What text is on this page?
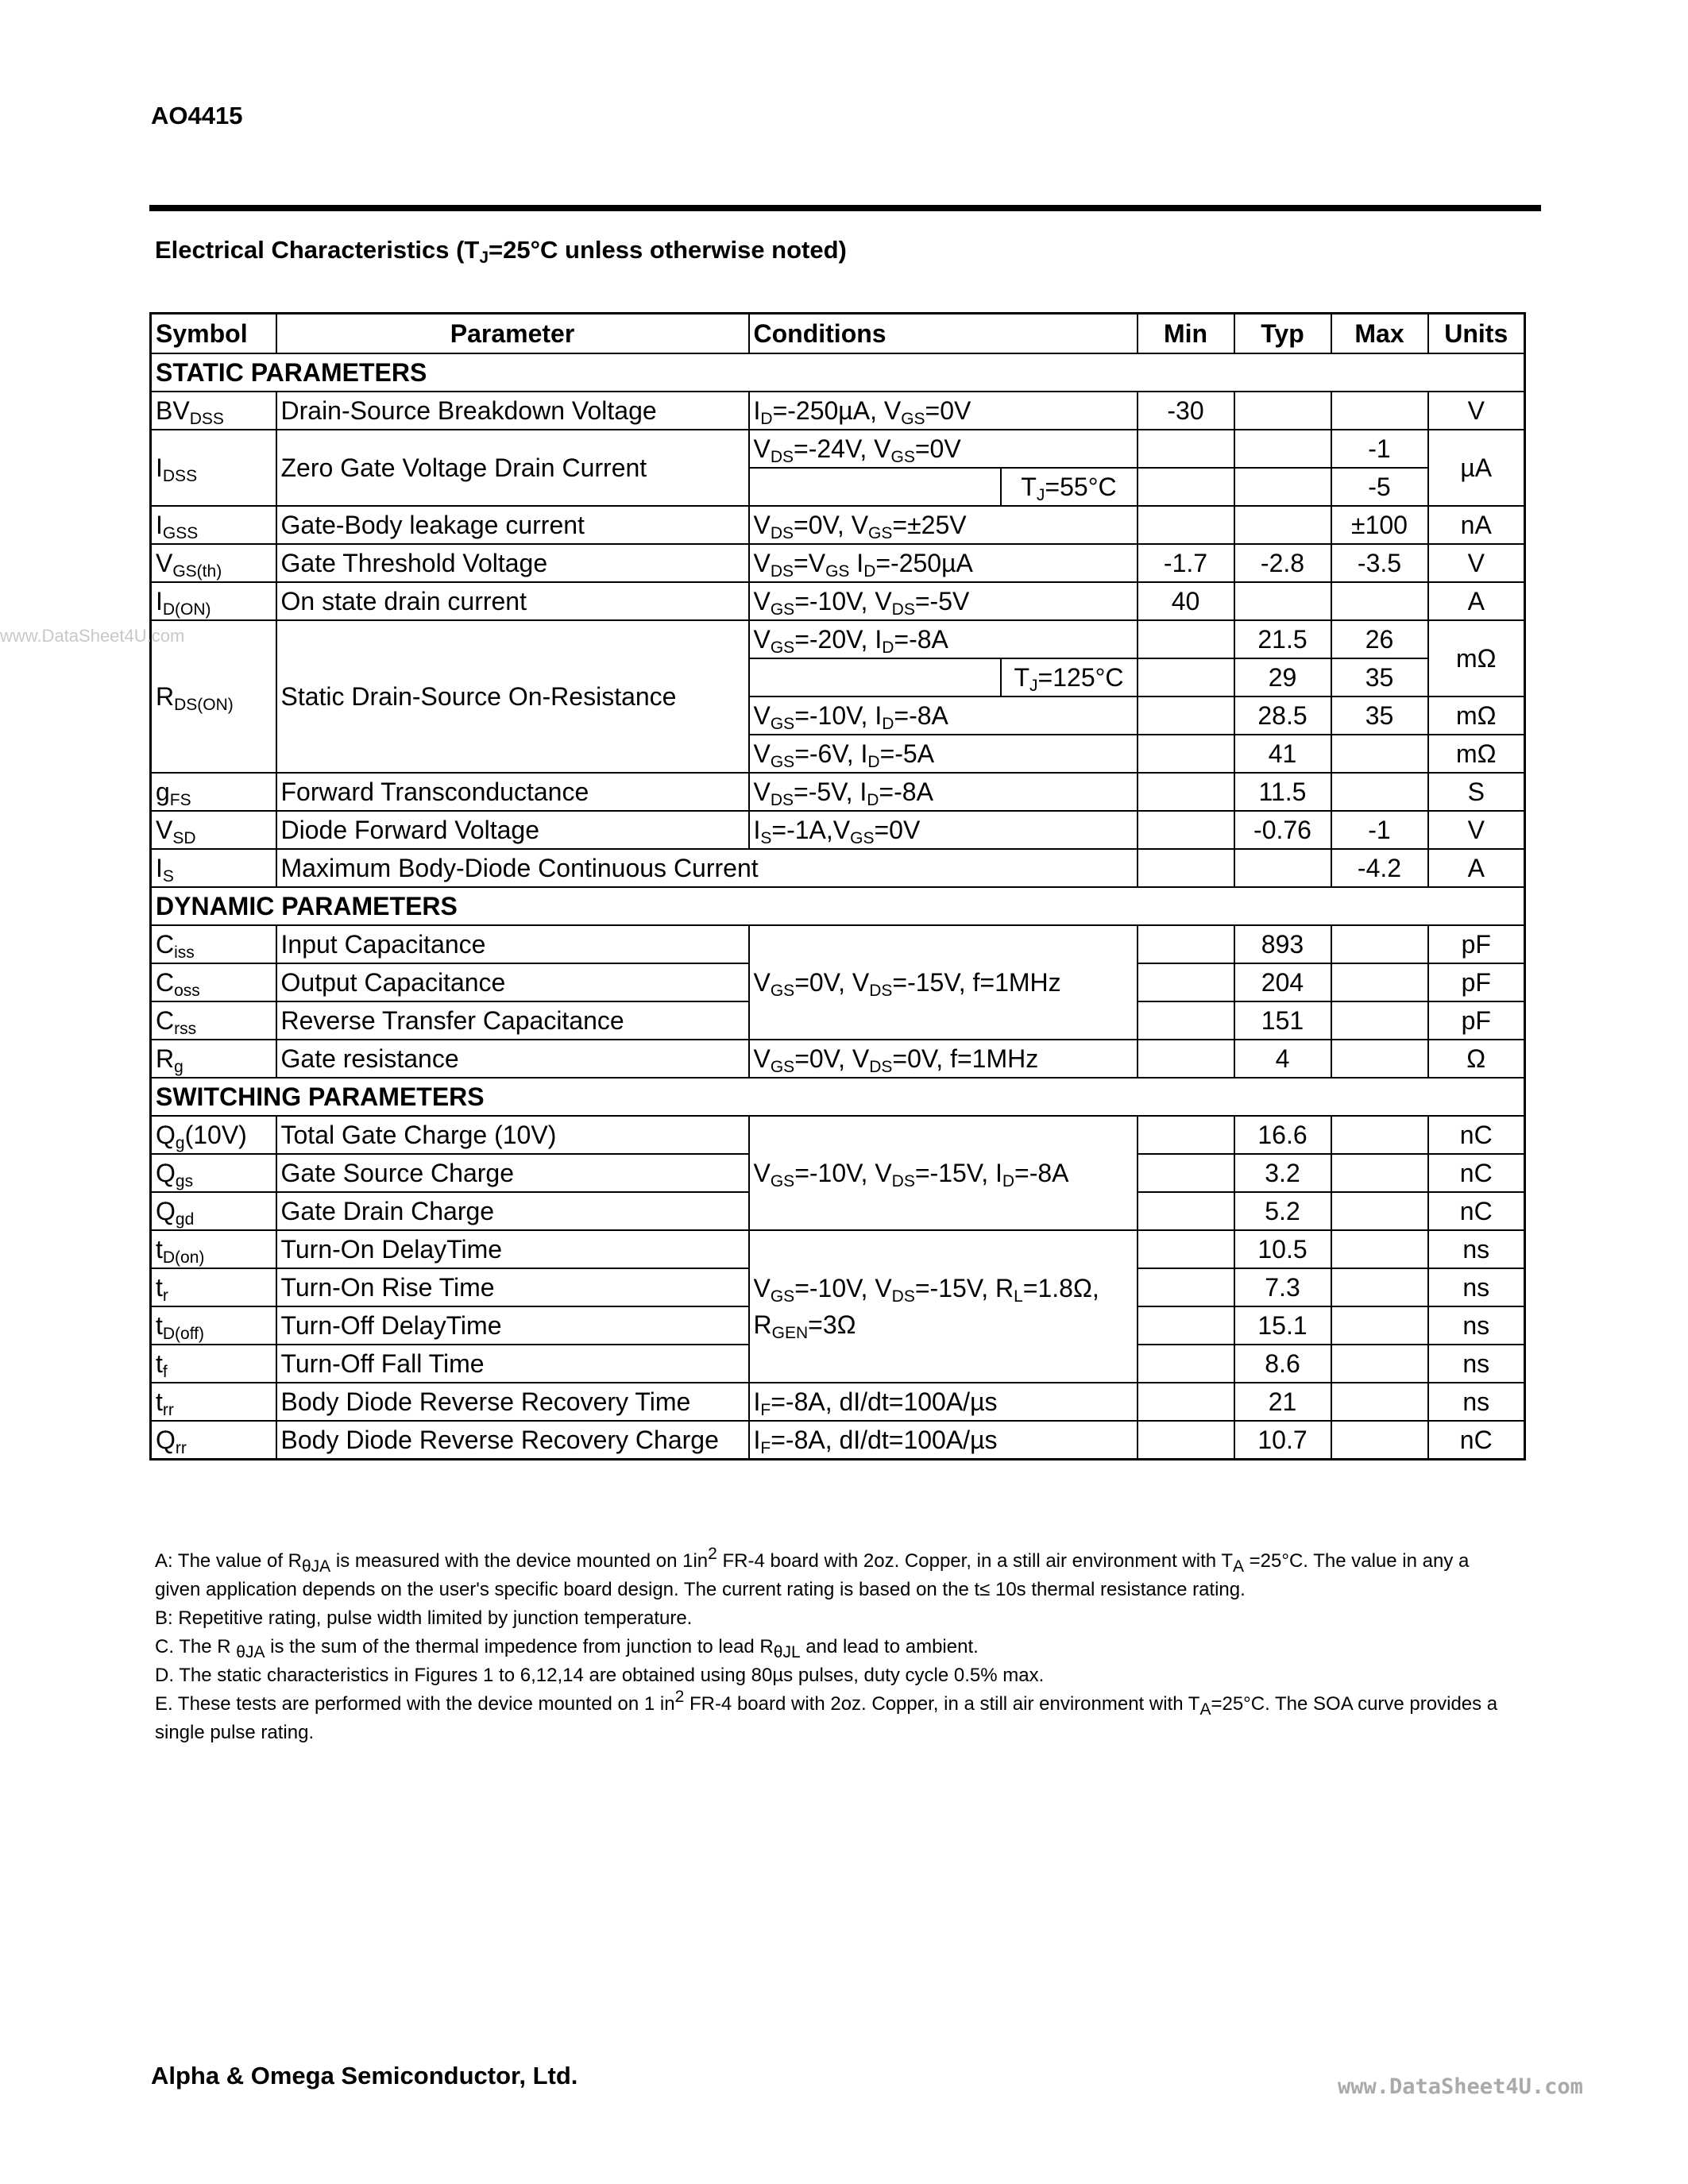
AO4415
Electrical Characteristics ($T_J=25^\circ C$ unless otherwise noted)
Symbol	Parameter	Conditions		Min	Typ	Max	Units
STATIC PARAMETERS							
$BV_{DSS}$	Drain-Source Breakdown Voltage	$I_D=-250\mu A$, $V_{GS}=0V$		-30			V
$I_{DSS}$	Zero Gate Voltage Drain Current	$V_{DS}=-24V$, $V_{GS}=0V$				-1	µA
			$T_J=55^\circ C$			-5	
$I_{GSS}$	Gate-Body leakage current	$V_{DS}=0V$, $V_{GS}=\pm 25V$				±100	nA
$V_{GS(th)}$	Gate Threshold Voltage	$V_{DS}=V_{GS}$ $I_D=-250\mu A$		-1.7	-2.8	-3.5	V
$I_{D(ON)}$	On state drain current	$V_{GS}=-10V$, $V_{DS}=-5V$		40			A
$R_{DS(ON)}$	Static Drain-Source On-Resistance	$V_{GS}=-20V$, $I_D=-8A$			21.5	26	mΩ
			$T_J=125^\circ C$		29	35	
		$V_{GS}=-10V$, $I_D=-8A$			28.5	35	mΩ
		$V_{GS}=-6V$, $I_D=-5A$			41		mΩ
$g_{FS}$	Forward Transconductance	$V_{DS}=-5V$, $I_D=-8A$			11.5		S
$V_{SD}$	Diode Forward Voltage	$I_S=-1A,V_{GS}=0V$			-0.76	-1	V
$I_S$	Maximum Body-Diode Continuous Current					-4.2	A
DYNAMIC PARAMETERS							
$C_{iss}$	Input Capacitance	$V_{GS}=0V$, $V_{DS}=-15V$, f=1MHz			893		pF
$C_{oss}$	Output Capacitance				204		pF
$C_{rss}$	Reverse Transfer Capacitance				151		pF
$R_g$	Gate resistance	$V_{GS}=0V$, $V_{DS}=0V$, f=1MHz			4		Ω
SWITCHING PARAMETERS							
$Q_g(10V)$	Total Gate Charge (10V)	$V_{GS}=-10V$, $V_{DS}=-15V$, $I_D=-8A$			16.6		nC
$Q_{gs}$	Gate Source Charge				3.2		nC
$Q_{gd}$	Gate Drain Charge				5.2		nC
$t_{D(on)}$	Turn-On DelayTime	$V_{GS}=-10V$, $V_{DS}=-15V$, $R_L=1.8\Omega$,
$R_{GEN}=3\Omega$			10.5		ns
$t_r$	Turn-On Rise Time				7.3		ns
$t_{D(off)}$	Turn-Off DelayTime				15.1		ns
$t_f$	Turn-Off Fall Time				8.6		ns
$t_{rr}$	Body Diode Reverse Recovery Time	$I_F=-8A$, dI/dt=100A/µs			21		ns
$Q_{rr}$	Body Diode Reverse Recovery Charge	$I_F=-8A$, dI/dt=100A/µs			10.7		nC

A: The value of $R_{\theta JA}$ is measured with the device mounted on $1in^2$ FR-4 board with 2oz. Copper, in a still air environment with $T_A =25^\circ C$. The value in any a given application depends on the user's specific board design. The current rating is based on the t≤ 10s thermal resistance rating.

B: Repetitive rating, pulse width limited by junction temperature.

C. The R $_{\theta JA}$ is the sum of the thermal impedence from junction to lead $R_{\theta JL}$ and lead to ambient.

D. The static characteristics in Figures 1 to 6,12,14 are obtained using 80µs pulses, duty cycle 0.5% max.

E. These tests are performed with the device mounted on 1 $in^2$ FR-4 board with 2oz. Copper, in a still air environment with $T_A=25^\circ C$. The SOA curve provides a single pulse rating.

www.DataSheet4U.com
Alpha & Omega Semiconductor, Ltd.	www.DataSheet4U.com
